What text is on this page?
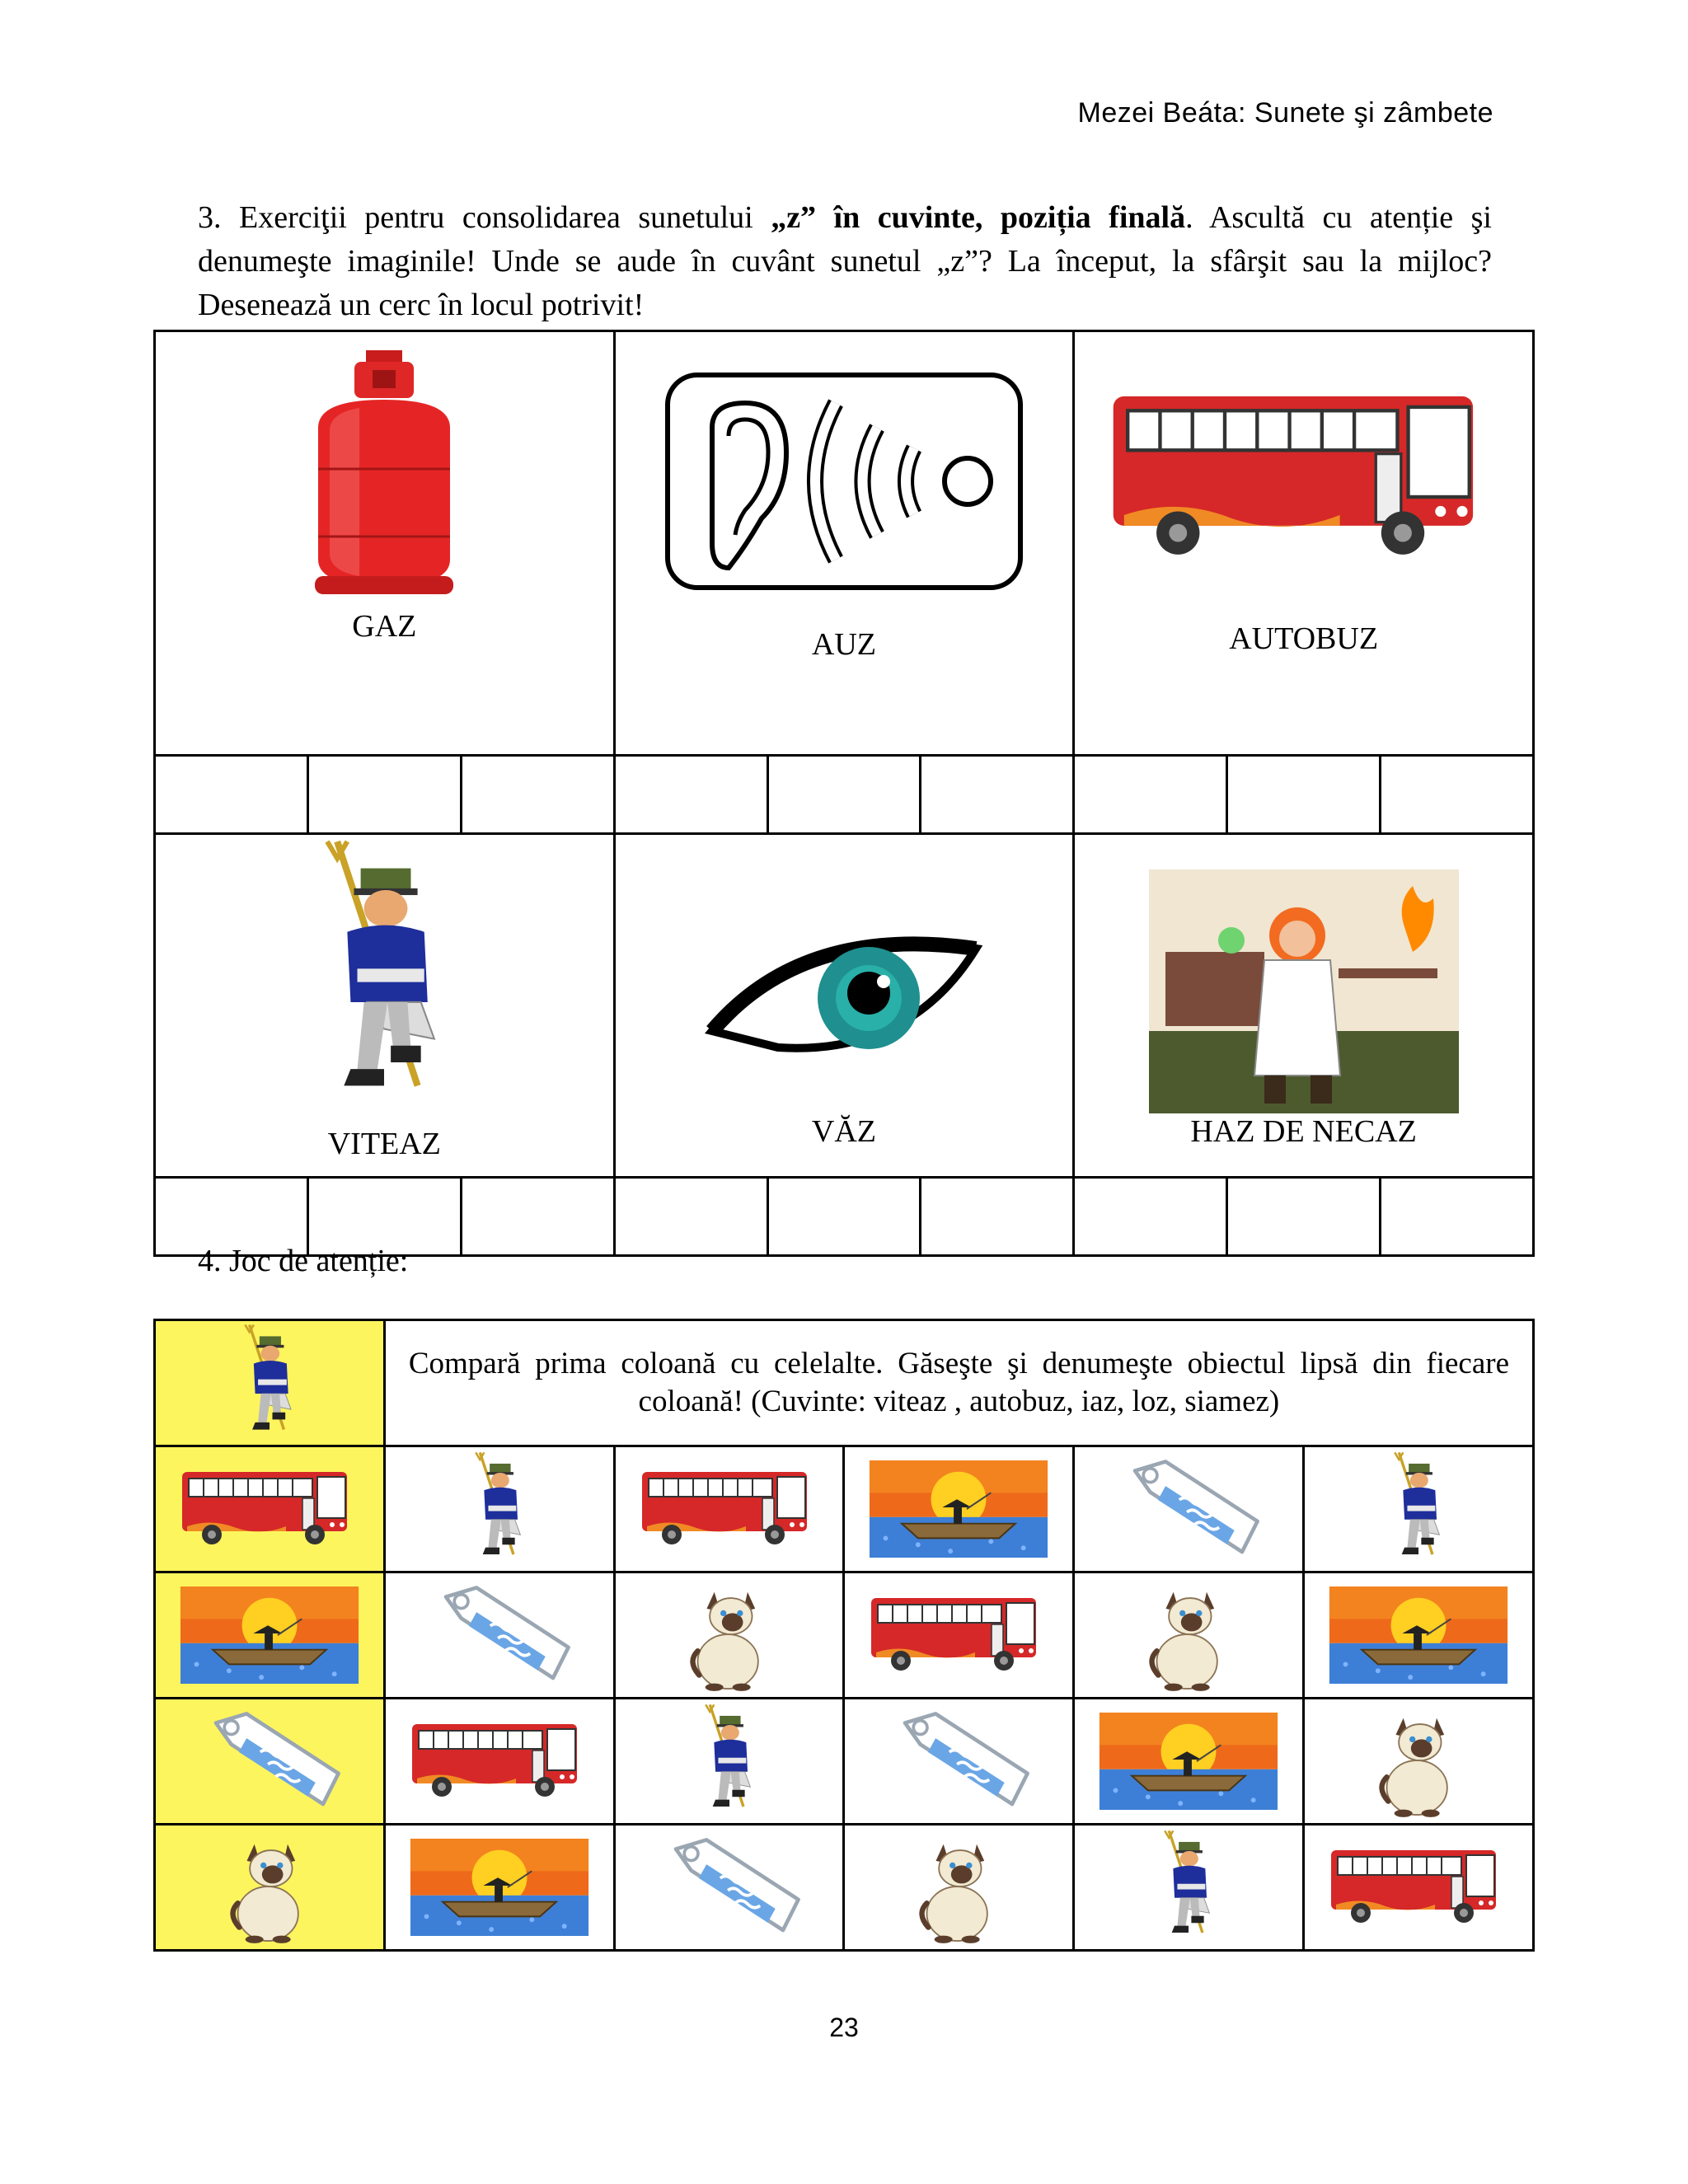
Mezei Beáta: Sunete şi zâmbete
3. Exerciţii pentru consolidarea sunetului „z” în cuvinte, poziția finală. Ascultă cu atenție şi denumeşte imaginile! Unde se aude în cuvânt sunetul „z”? La început, la sfârşit sau la mijloc? Desenează un cerc în locul potrivit!
GAZ			AUZ			AUTOBUZ		

VITEAZ			VĂZ			HAZ DE NECAZ		

4. Joc de atenție:
	Compară prima coloană cu celelalte. Găseşte şi denumeşte obiectul lipsă din fiecare coloană! (Cuvinte: viteaz , autobuz, iaz, loz, siamez)				

23
